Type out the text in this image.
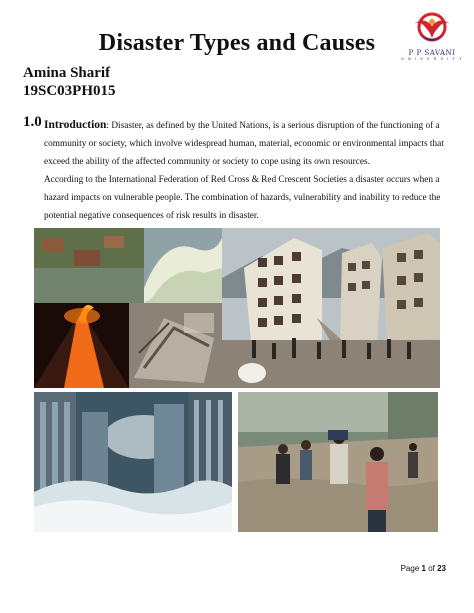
Disaster Types and Causes	P P SAVANI
U N I V E R S I T Y
Amina Sharif
19SC03PH015
1.0 Introduction: Disaster, as defined by the United Nations, is a serious disruption of the functioning of a community or society, which involve widespread human, material, economic or environmental impacts that exceed the ability of the affected community or society to cope using its own resources.

According to the International Federation of Red Cross & Red Crescent Societies a disaster occurs when a hazard impacts on vulnerable people. The combination of hazards, vulnerability and inability to reduce the potential negative consequences of risk results in disaster.

Page 1 of 23
